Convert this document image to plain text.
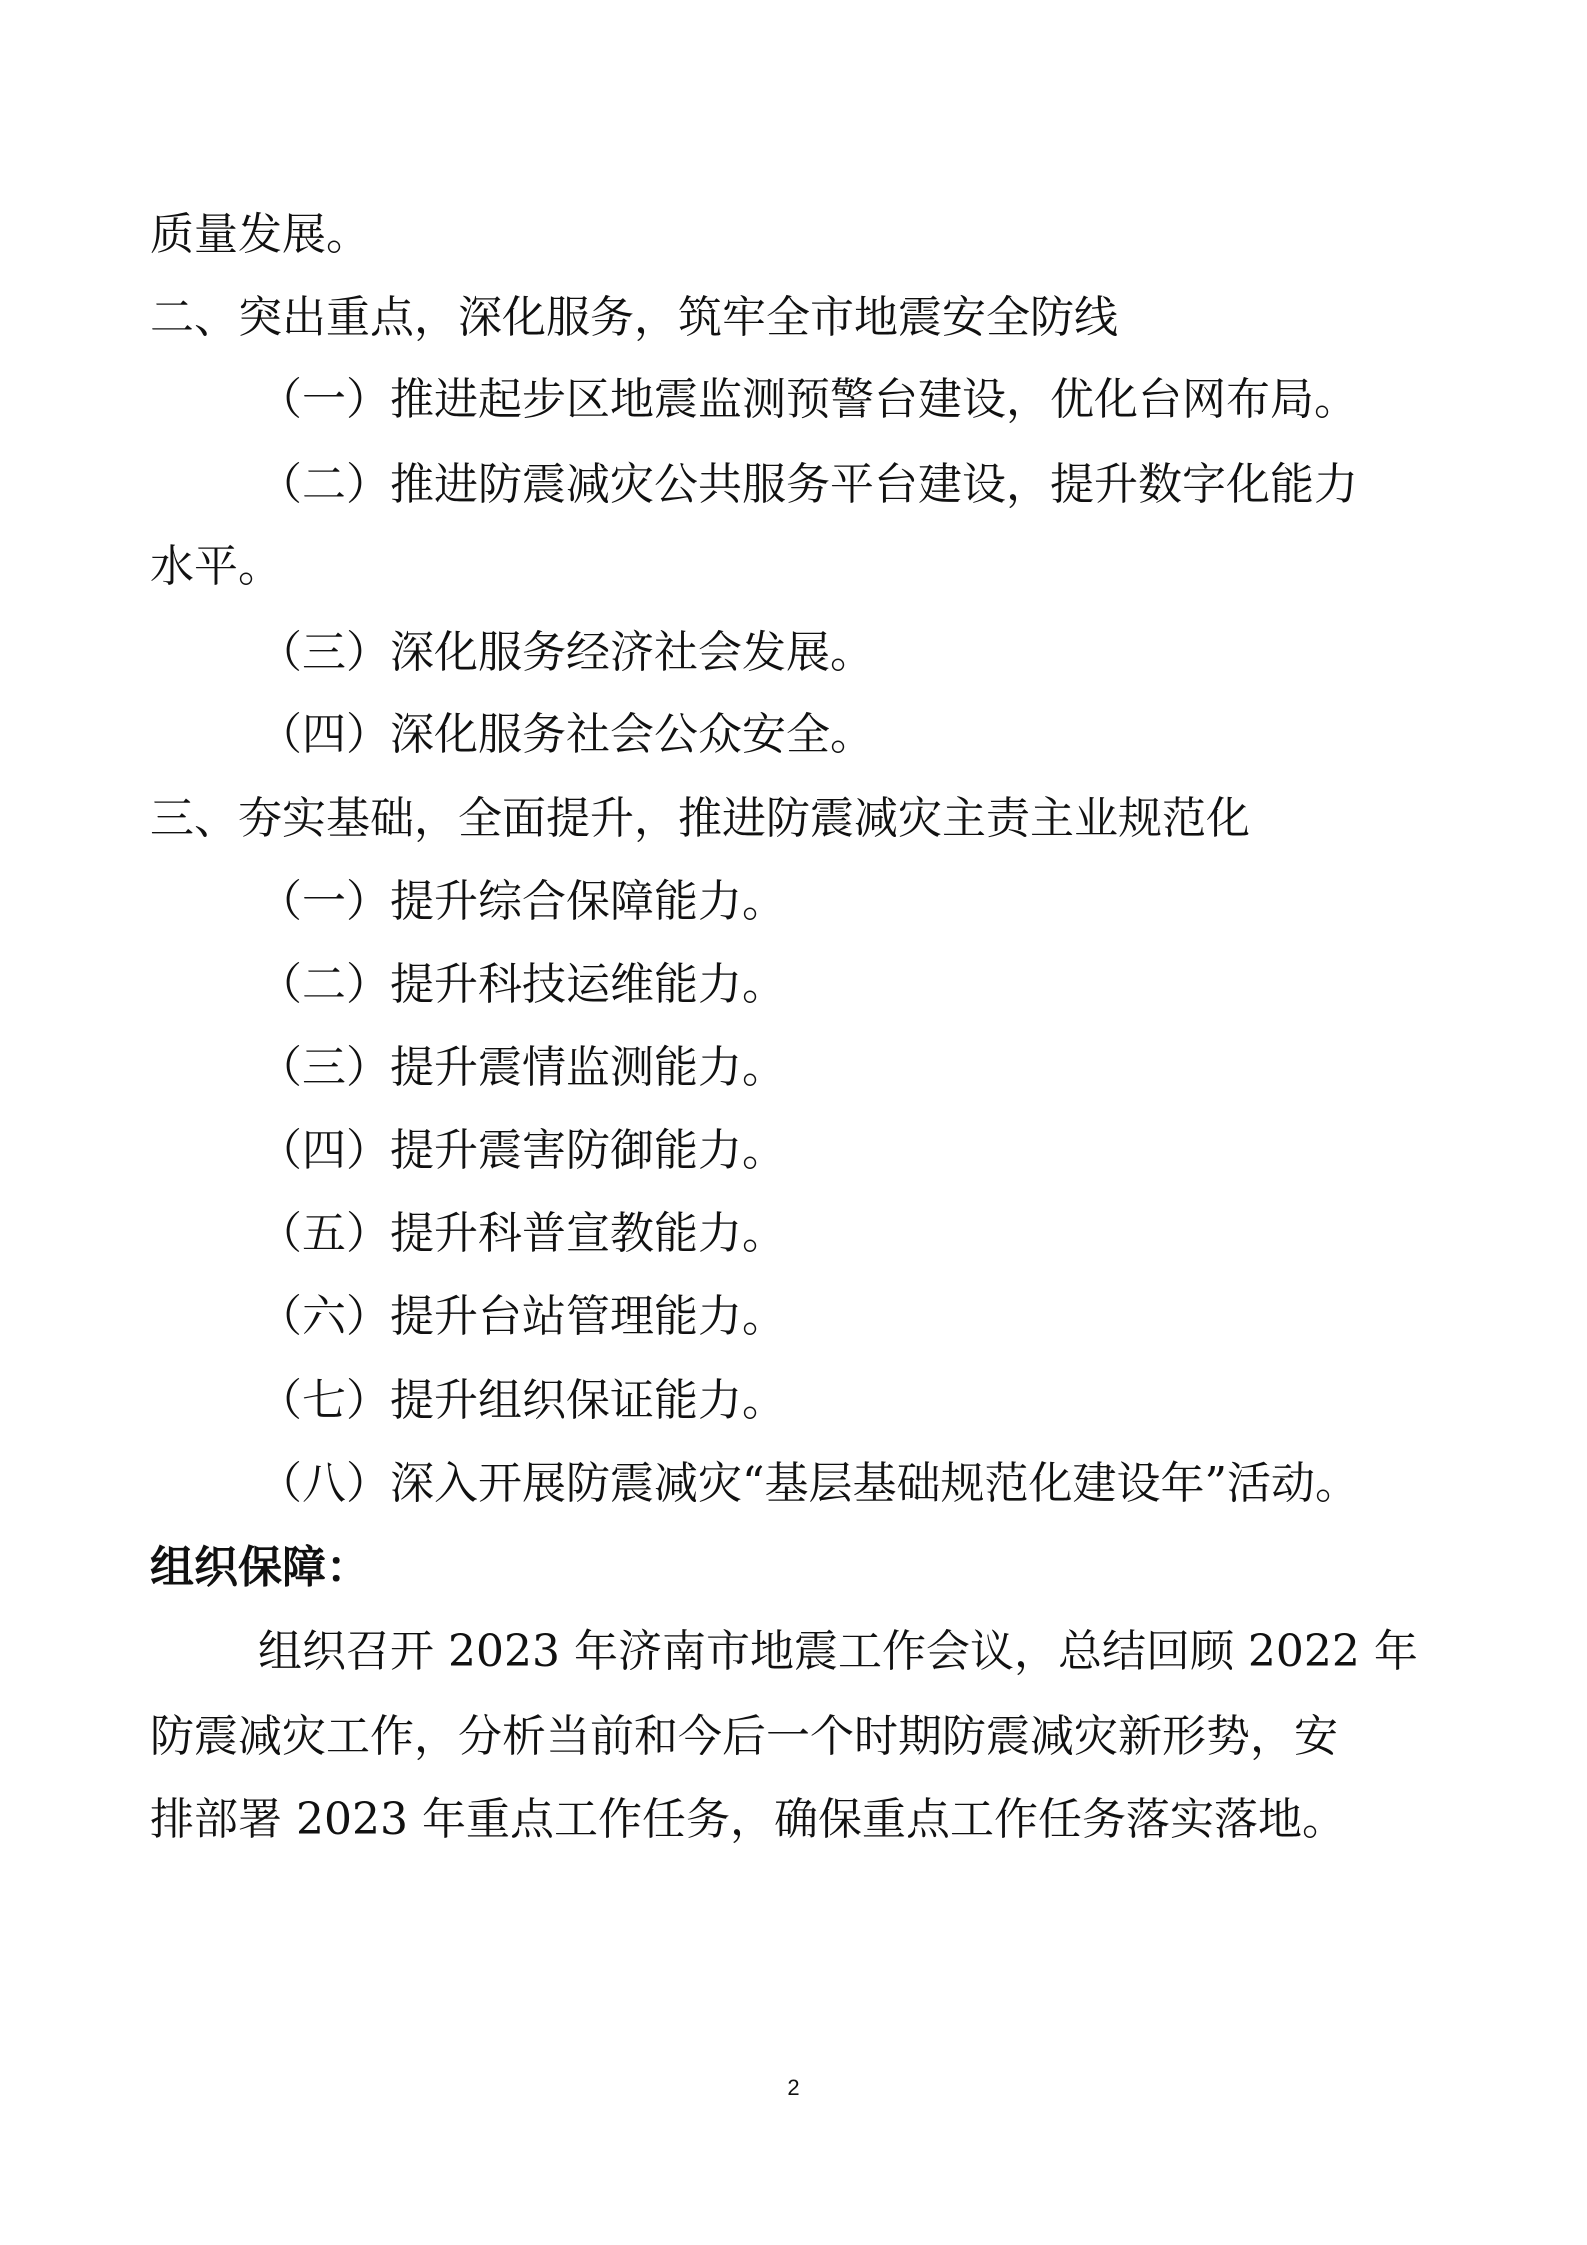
质量发展。
二、突出重点，深化服务，筑牢全市地震安全防线
（一）推进起步区地震监测预警台建设，优化台网布局。
（二）推进防震减灾公共服务平台建设，提升数字化能力
水平。
（三）深化服务经济社会发展。
（四）深化服务社会公众安全。
三、夯实基础，全面提升，推进防震减灾主责主业规范化
（一）提升综合保障能力。
（二）提升科技运维能力。
（三）提升震情监测能力。
（四）提升震害防御能力。
（五）提升科普宣教能力。
（六）提升台站管理能力。
（七）提升组织保证能力。
（八）深入开展防震减灾“基层基础规范化建设年”活动。
组织保障：
组织召开 2023 年济南市地震工作会议，总结回顾 2022 年
防震减灾工作，分析当前和今后一个时期防震减灾新形势，安
排部署 2023 年重点工作任务，确保重点工作任务落实落地。
2
